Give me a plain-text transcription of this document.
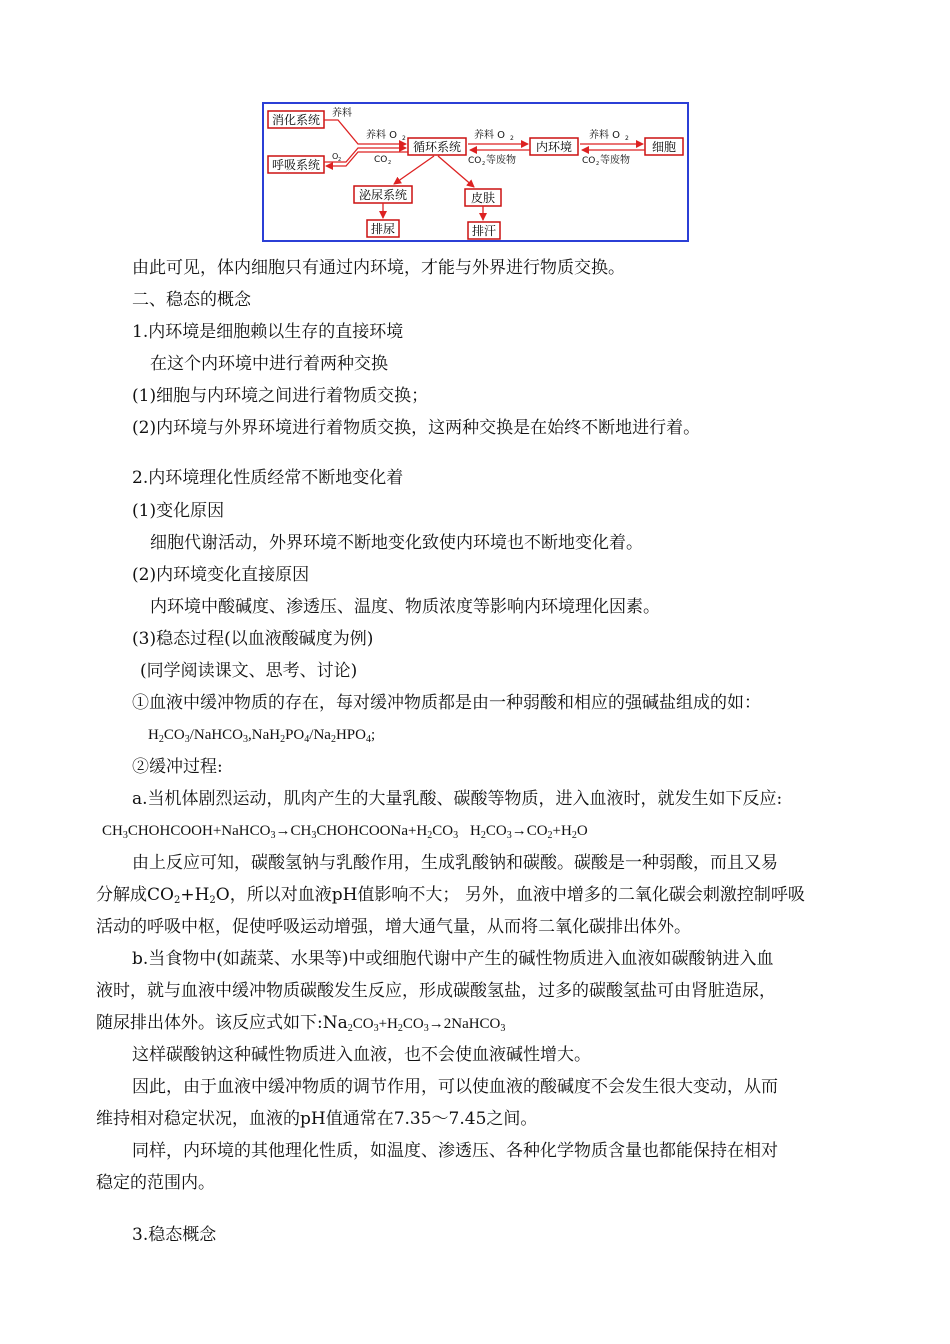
消化系统
呼吸系统
循环系统	内环境	细胞
泌尿系统	皮肤
排尿	排汗
养料
养料 O 2
O 2	CO 2
养料 O 2
CO 2 等废物
养料 O 2
CO 2 等废物
由此可见，体内细胞只有通过内环境，才能与外界进行物质交换。
二、稳态的概念
1.内环境是细胞赖以生存的直接环境
在这个内环境中进行着两种交换
(1)细胞与内环境之间进行着物质交换；
(2)内环境与外界环境进行着物质交换，这两种交换是在始终不断地进行着。
2.内环境理化性质经常不断地变化着
(1)变化原因
细胞代谢活动，外界环境不断地变化致使内环境也不断地变化着。
(2)内环境变化直接原因
内环境中酸碱度、渗透压、温度、物质浓度等影响内环境理化因素。
(3)稳态过程(以血液酸碱度为例)
(同学阅读课文、思考、讨论)
①血液中缓冲物质的存在，每对缓冲物质都是由一种弱酸和相应的强碱盐组成的如：
$H_2CO_3/NaHCO_3,NaH_2PO_4/Na_2HPO_4$;
②缓冲过程:
a.当机体剧烈运动，肌肉产生的大量乳酸、碳酸等物质，进入血液时，就发生如下反应:
$CH_3CHOHCOOH+NaHCO_3\to CH_3CHOHCOONa+H_2CO_3$ $H_2CO_3\to CO_2+H_2O$
由上反应可知，碳酸氢钠与乳酸作用，生成乳酸钠和碳酸。碳酸是一种弱酸，而且又易
分解成$CO_2+H_2O$，所以对血液pH值影响不大； 另外，血液中增多的二氧化碳会刺激控制呼吸
活动的呼吸中枢，促使呼吸运动增强，增大通气量，从而将二氧化碳排出体外。
b.当食物中(如蔬菜、水果等)中或细胞代谢中产生的碱性物质进入血液如碳酸钠进入血
液时，就与血液中缓冲物质碳酸发生反应，形成碳酸氢盐，过多的碳酸氢盐可由肾脏造尿，
随尿排出体外。该反应式如下$:Na_2CO_3+H_2CO_3\to 2NaHCO_3$
这样碳酸钠这种碱性物质进入血液，也不会使血液碱性增大。
因此，由于血液中缓冲物质的调节作用，可以使血液的酸碱度不会发生很大变动，从而
维持相对稳定状况，血液的pH值通常在7.35～7.45之间。
同样，内环境的其他理化性质，如温度、渗透压、各种化学物质含量也都能保持在相对
稳定的范围内。
3.稳态概念
